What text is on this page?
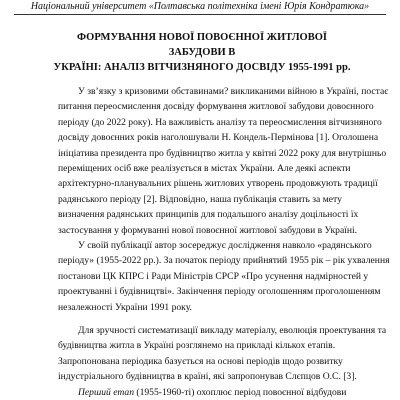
Національний університет «Полтавська політехніка імені Юрія Кондратюка»
ФОРМУВАННЯ НОВОЇ ПОВОЄННОЇ ЖИТЛОВОЇ ЗАБУДОВИ В
УКРАЇНІ: АНАЛІЗ ВІТЧИЗНЯНОГО ДОСВІДУ 1955-1991 рр.
У зв’язку з кризовими обставинами? викликаними війною в Україні, постає
питання переосмислення досвіду формування житлової забудови довоєнного
періоду (до 2022 року). На важливість аналізу та переосмислення вітчизняного
досвіду довоєнних років наголошували Н. Кондель-Пермінова [1]. Оголошена
ініціатива президента про будівництво житла у квітні 2022 року для внутрішньо
переміщених осіб вже реалізується в містах України. Але деякі аспекти
архітектурно-планувальних рішень житлових утворень продовжують традиції
радянського періоду [2]. Відповідно, наша публікація ставить за мету
визначення радянських принципів для подальшого аналізу доцільності їх
застосування у формуванні нової повоєнної житлової забудови в Україні.
У своїй публікації автор зосереджує дослідження навколо «радянського
періоду» (1955-2022 рр.). За початок періоду прийнятий 1955 рік – рік ухвалення
постанови ЦК КПРС і Ради Міністрів СРСР «Про усунення надмірностей у
проектуванні і будівництві». Закінчення періоду оголошенням проголошенням
незалежності України 1991 року.
Для зручності систематизації викладу матеріалу, еволюція проектування та
будівництва житла в Україні розглянемо на прикладі кількох етапів.
Запропонована періодика базується на основі періодів щодо розвитку
індустріального будівництва в країні, які запропонував Слєпцов О.С. [3].
Перший етап (1955-1960-ті) охоплює період повоєнної відбудови
